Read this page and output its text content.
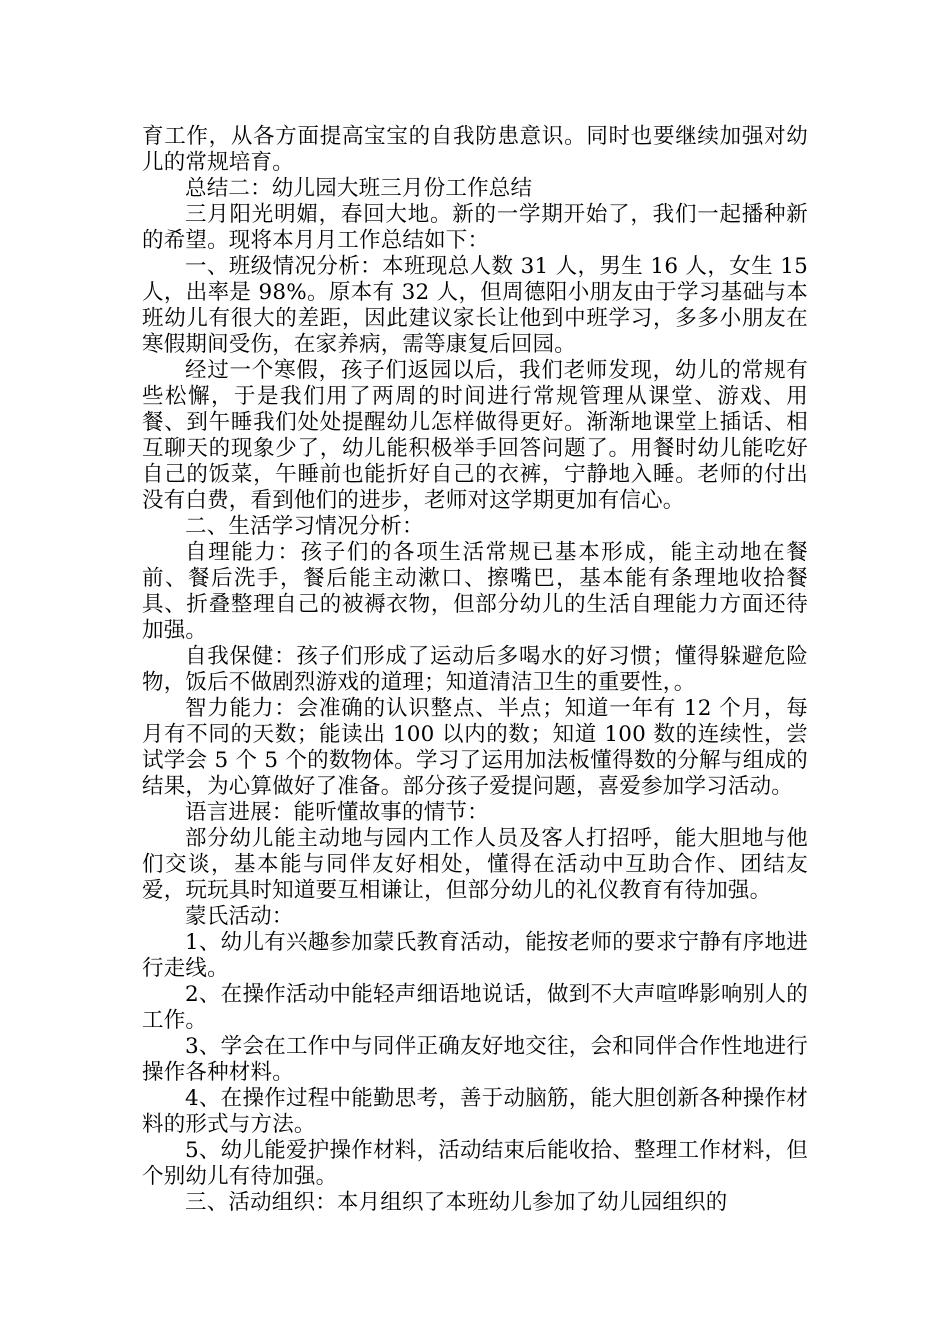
育工作，从各方面提高宝宝的自我防患意识。同时也要继续加强对幼儿的常规培育。

总结二：幼儿园大班三月份工作总结

三月阳光明媚，春回大地。新的一学期开始了，我们一起播种新的希望。现将本月月工作总结如下：

一、班级情况分析：本班现总人数 31 人，男生 16 人，女生 15 人，出率是 98%。原本有 32 人，但周德阳小朋友由于学习基础与本班幼儿有很大的差距，因此建议家长让他到中班学习，多多小朋友在寒假期间受伤，在家养病，需等康复后回园。

经过一个寒假，孩子们返园以后，我们老师发现，幼儿的常规有些松懈，于是我们用了两周的时间进行常规管理从课堂、游戏、用餐、到午睡我们处处提醒幼儿怎样做得更好。渐渐地课堂上插话、相互聊天的现象少了，幼儿能积极举手回答问题了。用餐时幼儿能吃好自己的饭菜，午睡前也能折好自己的衣裤，宁静地入睡。老师的付出没有白费，看到他们的进步，老师对这学期更加有信心。

二、生活学习情况分析：

自理能力：孩子们的各项生活常规已基本形成，能主动地在餐前、餐后洗手，餐后能主动漱口、擦嘴巴，基本能有条理地收拾餐具、折叠整理自己的被褥衣物，但部分幼儿的生活自理能力方面还待加强。

自我保健：孩子们形成了运动后多喝水的好习惯；懂得躲避危险物，饭后不做剧烈游戏的道理；知道清洁卫生的重要性，。

智力能力：会准确的认识整点、半点；知道一年有 12 个月，每月有不同的天数；能读出 100 以内的数；知道 100 数的连续性，尝试学会 5 个 5 个的数物体。学习了运用加法板懂得数的分解与组成的结果，为心算做好了准备。部分孩子爱提问题，喜爱参加学习活动。

语言进展：能听懂故事的情节：

部分幼儿能主动地与园内工作人员及客人打招呼，能大胆地与他们交谈，基本能与同伴友好相处，懂得在活动中互助合作、团结友爱，玩玩具时知道要互相谦让，但部分幼儿的礼仪教育有待加强。

蒙氏活动：

1、幼儿有兴趣参加蒙氏教育活动，能按老师的要求宁静有序地进行走线。

2、在操作活动中能轻声细语地说话，做到不大声喧哗影响别人的工作。

3、学会在工作中与同伴正确友好地交往，会和同伴合作性地进行操作各种材料。

4、在操作过程中能勤思考，善于动脑筋，能大胆创新各种操作材料的形式与方法。

5、幼儿能爱护操作材料，活动结束后能收拾、整理工作材料，但个别幼儿有待加强。

三、活动组织：本月组织了本班幼儿参加了幼儿园组织的
